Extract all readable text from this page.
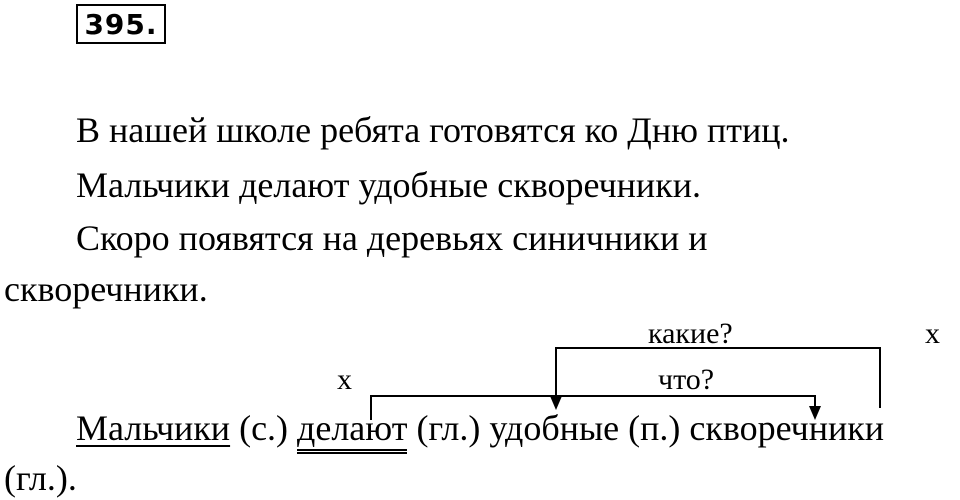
395.
В нашей школе ребята готовятся ко Дню птиц.
Мальчики делают удобные скворечники.
Скоро появятся на деревьях синичники и
скворечники.
какие?	x
x	что?
Мальчики (с.) делают (гл.) удобные (п.) скворечники
(гл.).
